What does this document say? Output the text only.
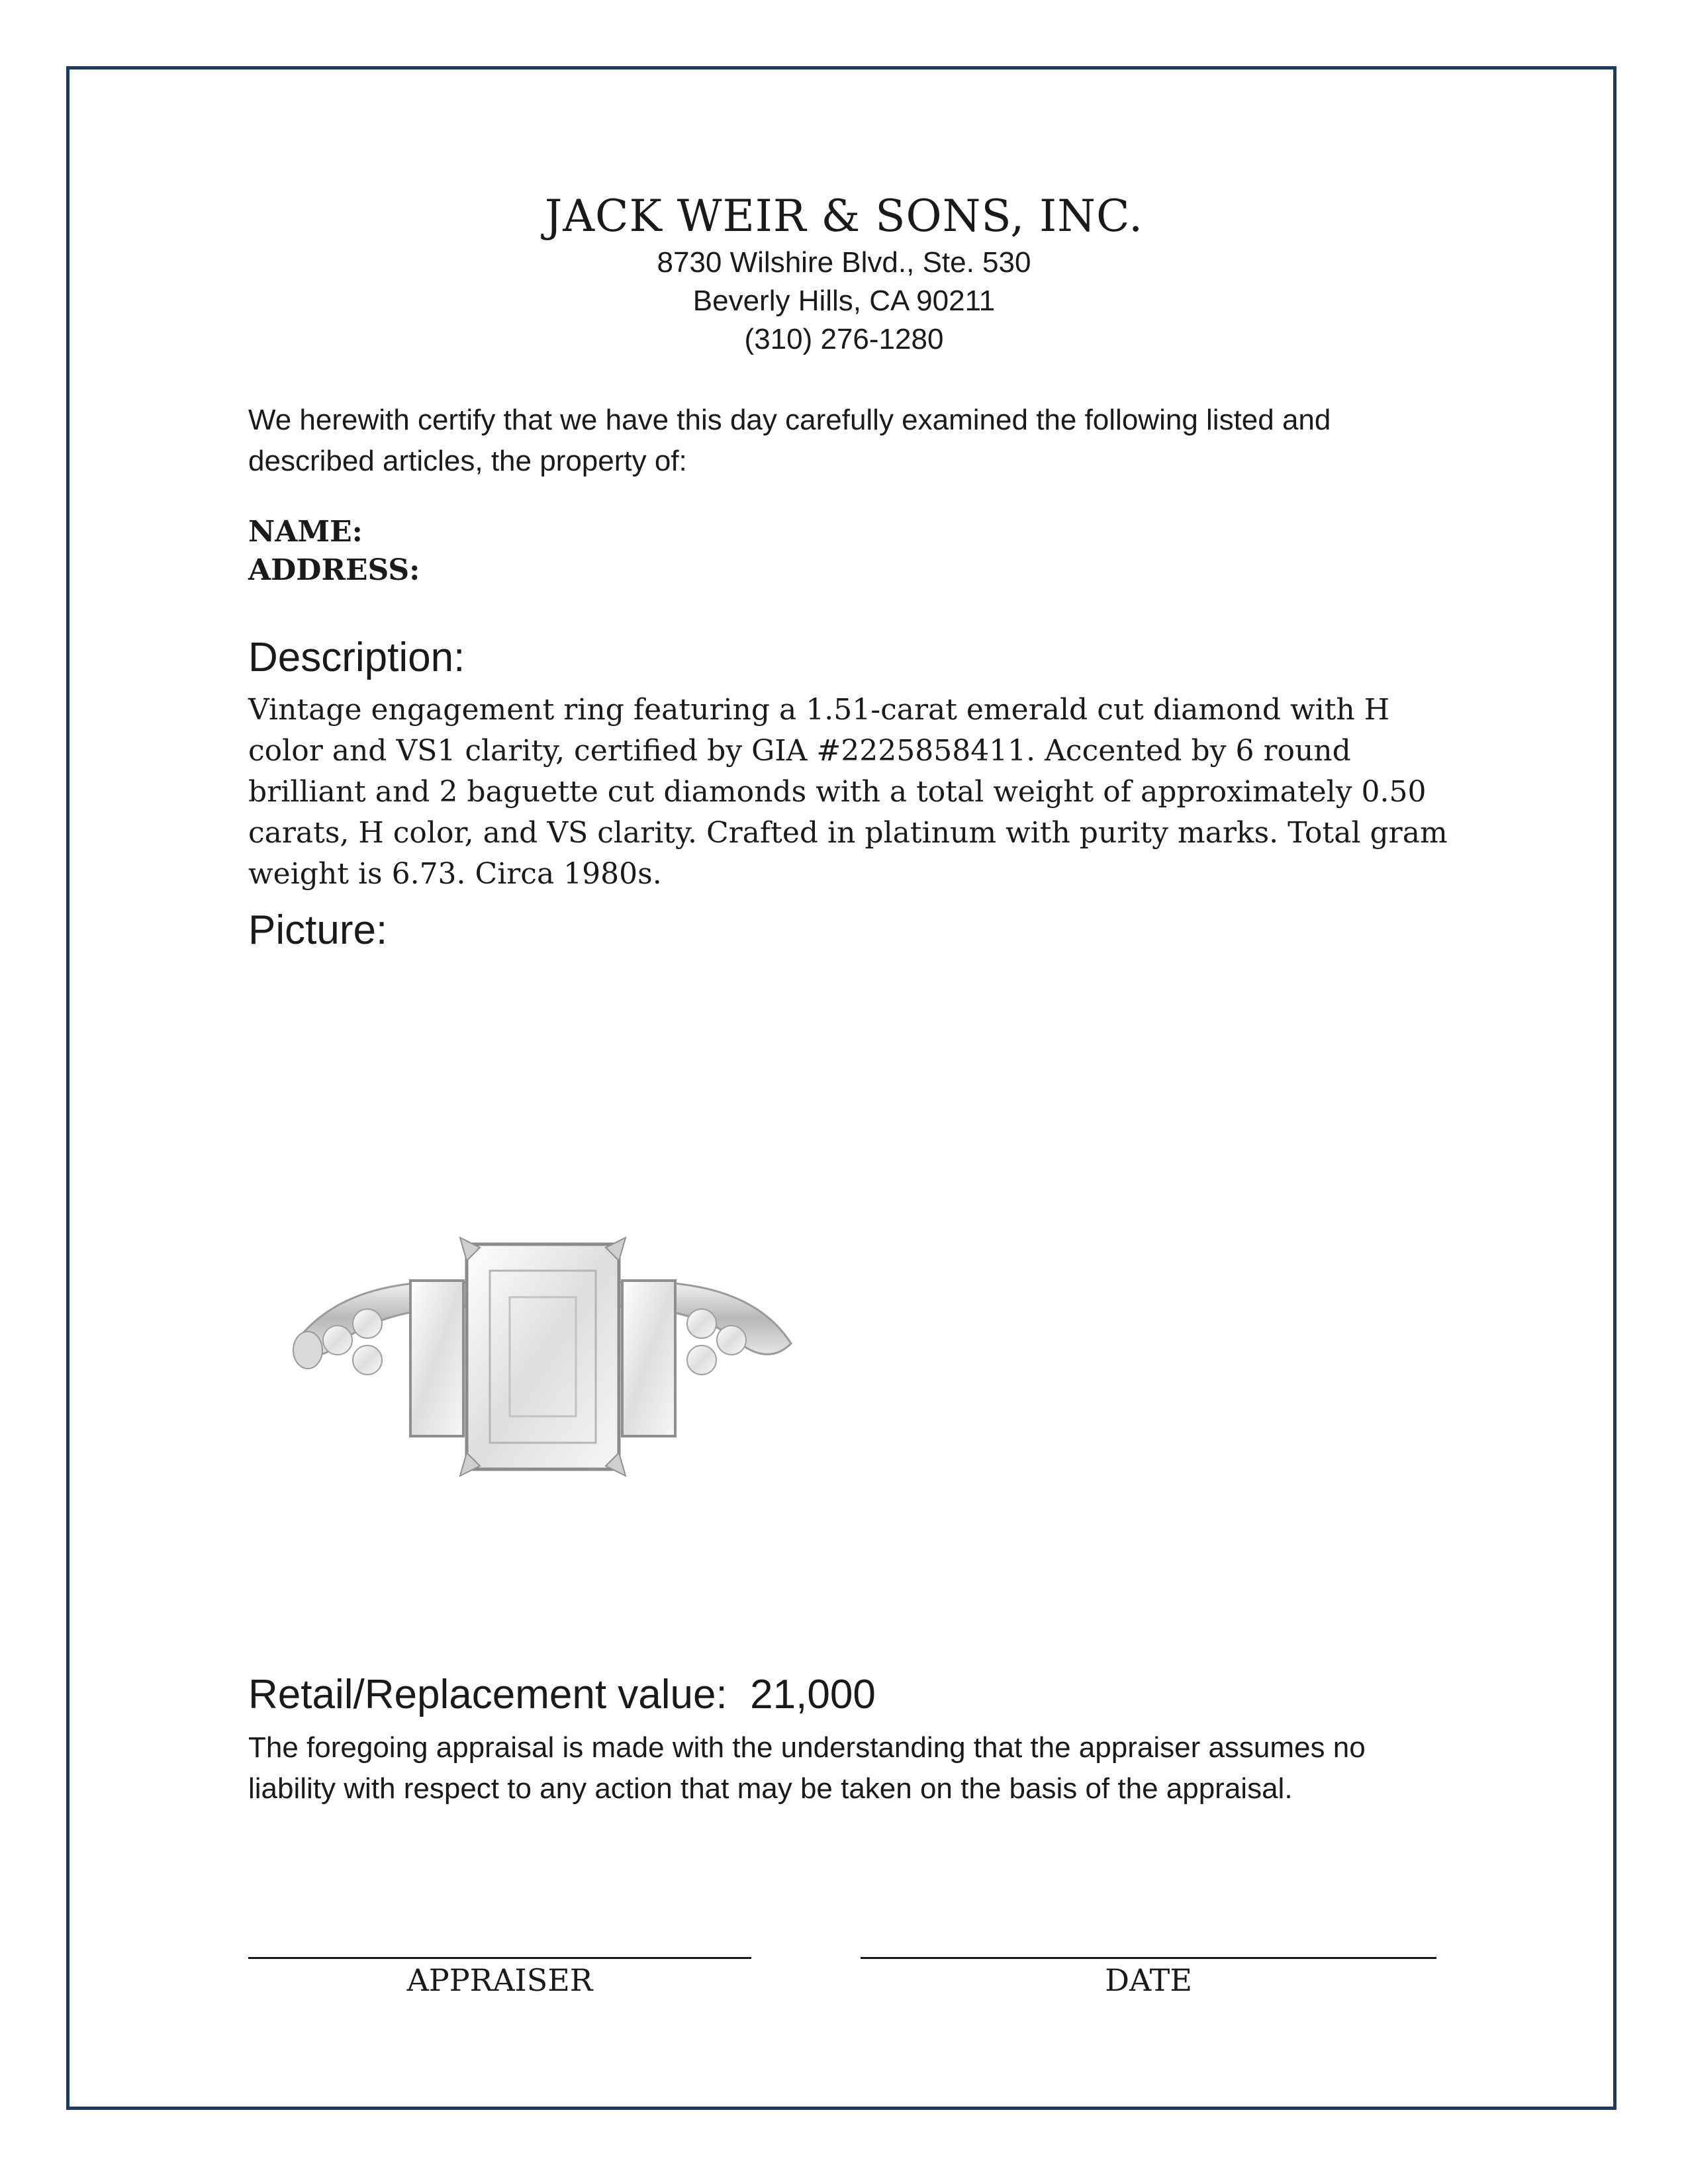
JACK WEIR & SONS, INC.
8730 Wilshire Blvd., Ste. 530
Beverly Hills, CA 90211
(310) 276-1280
We herewith certify that we have this day carefully examined the following listed and described articles, the property of:
NAME:
ADDRESS:
Description:
Vintage engagement ring featuring a 1.51-carat emerald cut diamond with H color and VS1 clarity, certified by GIA #2225858411. Accented by 6 round brilliant and 2 baguette cut diamonds with a total weight of approximately 0.50 carats, H color, and VS clarity. Crafted in platinum with purity marks. Total gram weight is 6.73. Circa 1980s.
Picture:
Retail/Replacement value: 21,000
The foregoing appraisal is made with the understanding that the appraiser assumes no liability with respect to any action that may be taken on the basis of the appraisal.
APPRAISER	DATE
